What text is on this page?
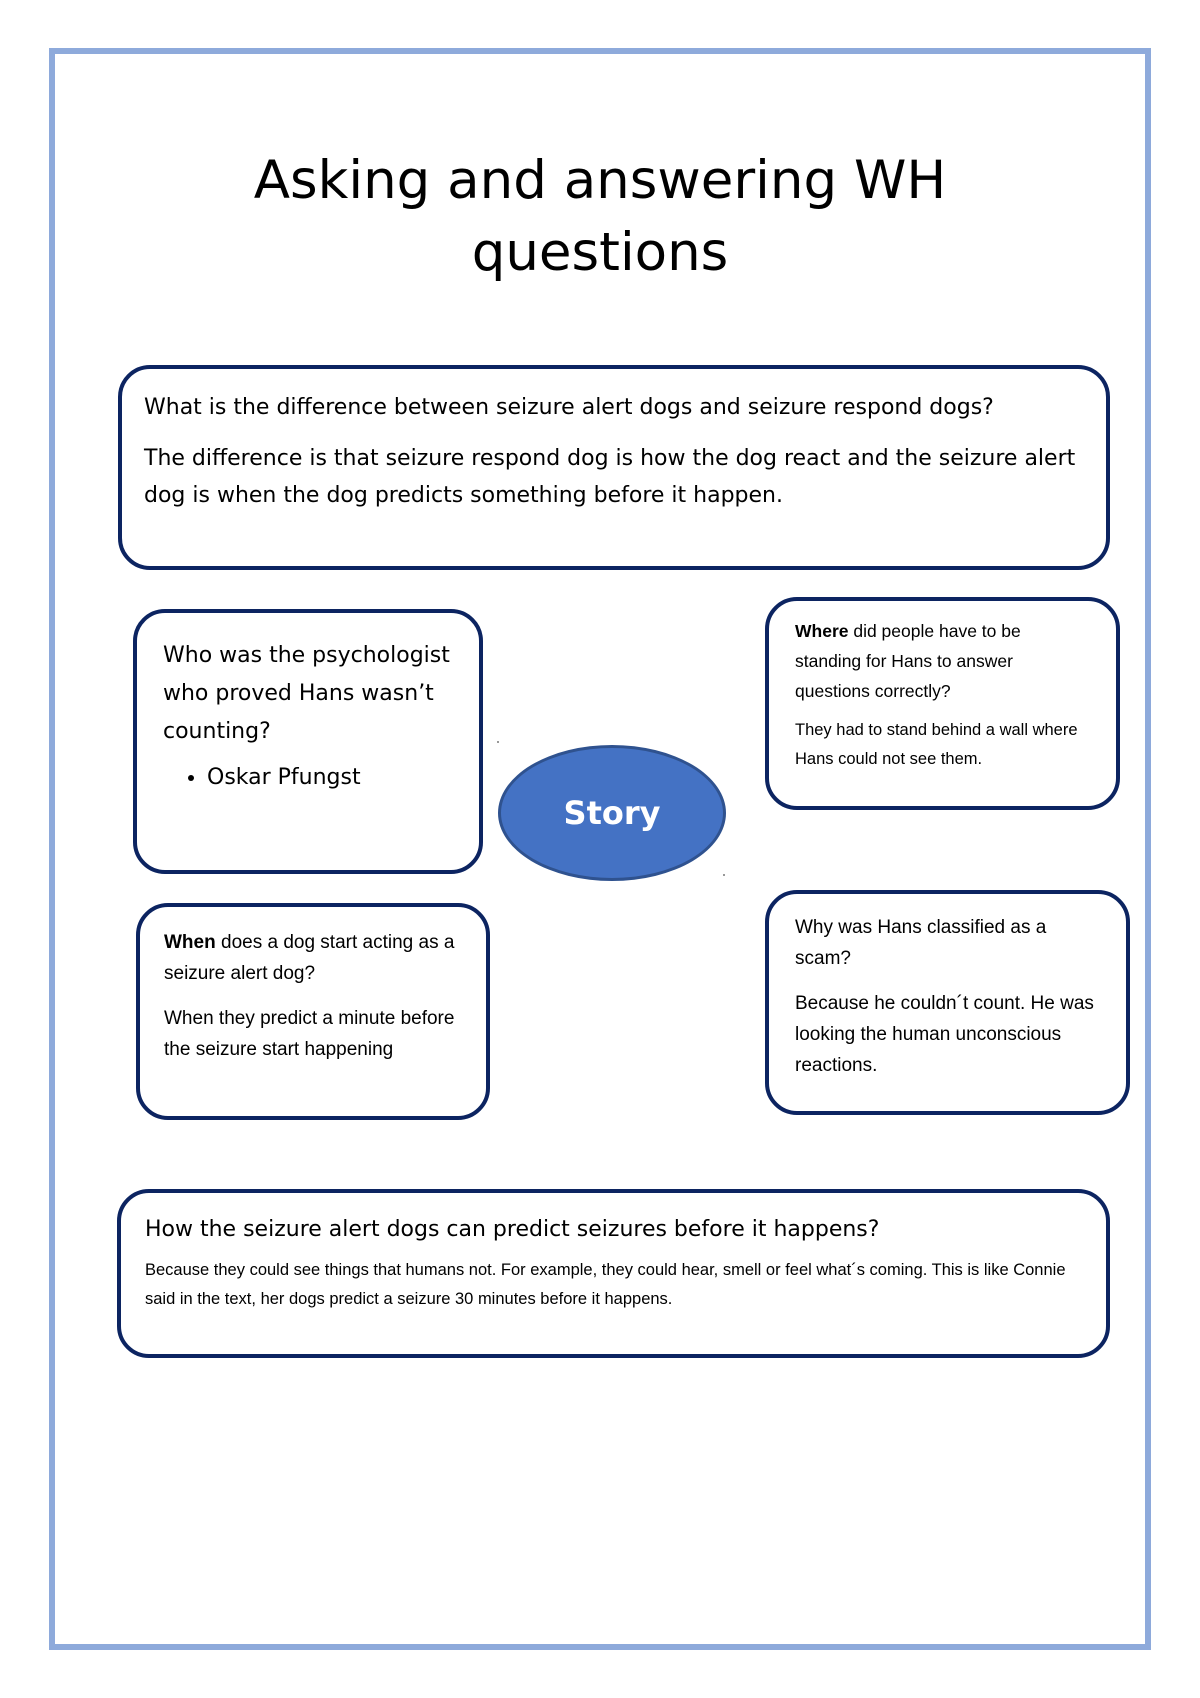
Asking and answering WH questions

What is the difference between seizure alert dogs and seizure respond dogs?

The difference is that seizure respond dog is how the dog react and the seizure alert dog is when the dog predicts something before it happen.

Who was the psychologist who proved Hans wasn’t counting?

• Oskar Pfungst

Where did people have to be standing for Hans to answer questions correctly?

They had to stand behind a wall where Hans could not see them.

Story

When does a dog start acting as a seizure alert dog?

When they predict a minute before the seizure start happening

Why was Hans classified as a scam?

Because he couldn´t count. He was looking the human unconscious reactions.

How the seizure alert dogs can predict seizures before it happens?

Because they could see things that humans not. For example, they could hear, smell or feel what´s coming. This is like Connie said in the text, her dogs predict a seizure 30 minutes before it happens.
